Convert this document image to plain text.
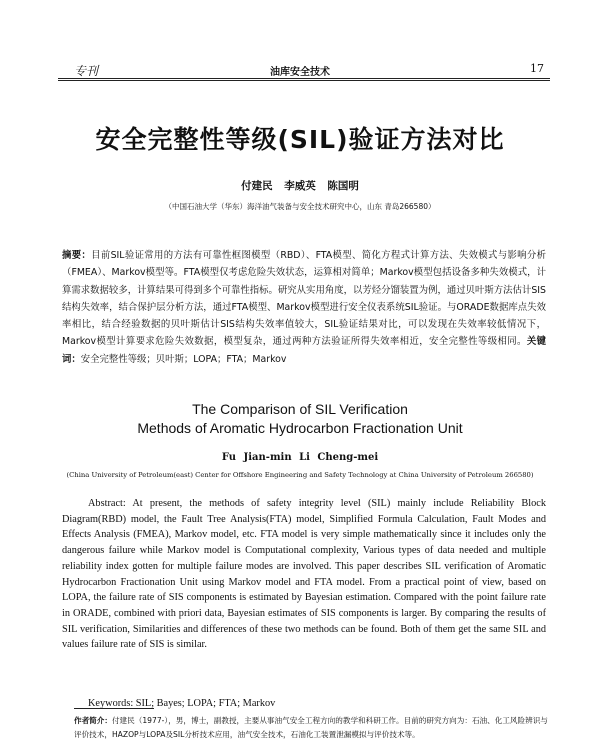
专刊	油库安全技术	17
安全完整性等级(SIL)验证方法对比
付建民 李威英 陈国明
（中国石油大学（华东）海洋油气装备与安全技术研究中心，山东 青岛266580）
摘要：目前SIL验证常用的方法有可靠性框图模型（RBD）、FTA模型、简化方程式计算方法、失效模式与影响分析（FMEA）、Markov模型等。FTA模型仅考虑危险失效状态，运算相对简单；Markov模型包括设备多种失效模式，计算需求数据较多，计算结果可得到多个可靠性指标。研究从实用角度，以芳烃分馏装置为例，通过贝叶斯方法估计SIS结构失效率，结合保护层分析方法，通过FTA模型、Markov模型进行安全仪表系统SIL验证。与ORADE数据库点失效率相比，结合经验数据的贝叶斯估计SIS结构失效率值较大，SIL验证结果对比，可以发现在失效率较低情况下，Markov模型计算要求危险失效数据，模型复杂，通过两种方法验证所得失效率相近，安全完整性等级相同。关键词：安全完整性等级；贝叶斯；LOPA；FTA；Markov
The Comparison of SIL Verification
Methods of Aromatic Hydrocarbon Fractionation Unit
Fu Jian-min Li Cheng-mei
(China University of Petroleum(east) Center for Offshore Engineering and Safety Technology at China University of Petroleum 266580)
Abstract: At present, the methods of safety integrity level (SIL) mainly include Reliability Block Diagram(RBD) model, the Fault Tree Analysis(FTA) model, Simplified Formula Calculation, Fault Modes and Effects Analysis (FMEA), Markov model, etc. FTA model is very simple mathematically since it includes only the dangerous failure while Markov model is Computational complexity, Various types of data needed and multiple reliability index gotten for multiple failure modes are involved. This paper describes SIL verification of Aromatic Hydrocarbon Fractionation Unit using Markov model and FTA model. From a practical point of view, based on LOPA, the failure rate of SIS components is estimated by Bayesian estimation. Compared with the point failure rate in ORADE, combined with priori data, Bayesian estimates of SIS components is larger. By comparing the results of SIL verification, Similarities and differences of these two methods can be found. Both of them get the same SIL and values failure rate of SIS is similar.
Keywords: SIL; Bayes; LOPA; FTA; Markov
作者简介：付建民（1977-），男，博士，副教授，主要从事油气安全工程方向的教学和科研工作。目前的研究方向为：石油、化工风险辨识与评价技术，HAZOP与LOPA及SIL分析技术应用，油气安全技术，石油化工装置泄漏模拟与评价技术等。
